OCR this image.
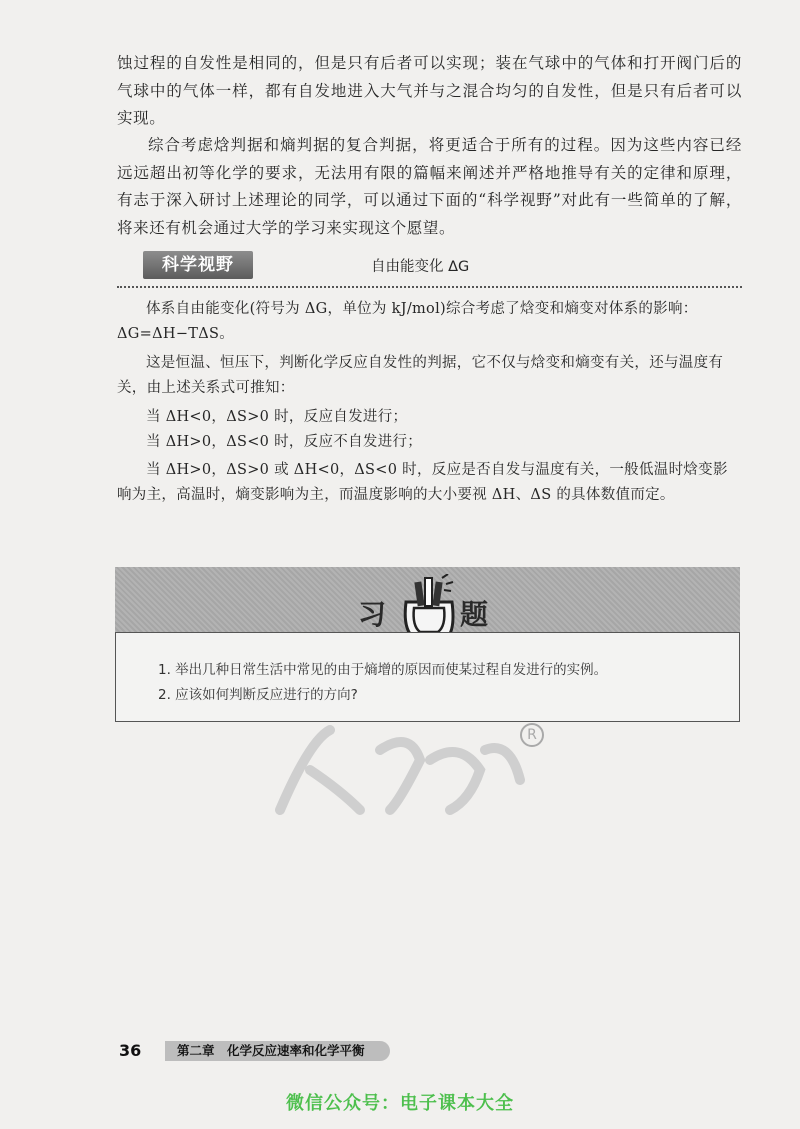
蚀过程的自发性是相同的，但是只有后者可以实现；装在气球中的气体和打开阀门后的气球中的气体一样，都有自发地进入大气并与之混合均匀的自发性，但是只有后者可以实现。

综合考虑焓判据和熵判据的复合判据，将更适合于所有的过程。因为这些内容已经远远超出初等化学的要求，无法用有限的篇幅来阐述并严格地推导有关的定律和原理，有志于深入研讨上述理论的同学，可以通过下面的“科学视野”对此有一些简单的了解，将来还有机会通过大学的学习来实现这个愿望。

科学视野	自由能变化 ΔG

体系自由能变化(符号为 ΔG，单位为 kJ/mol)综合考虑了焓变和熵变对体系的影响：

ΔG=ΔH−TΔS。

这是恒温、恒压下，判断化学反应自发性的判据，它不仅与焓变和熵变有关，还与温度有关，由上述关系式可推知：

当 ΔH<0，ΔS>0 时，反应自发进行；

当 ΔH>0，ΔS<0 时，反应不自发进行；

当 ΔH>0，ΔS>0 或 ΔH<0，ΔS<0 时，反应是否自发与温度有关，一般低温时焓变影响为主，高温时，熵变影响为主，而温度影响的大小要视 ΔH、ΔS 的具体数值而定。

习	题
1. 举出几种日常生活中常见的由于熵增的原因而使某过程自发进行的实例。
2. 应该如何判断反应进行的方向?
R
36	第二章　化学反应速率和化学平衡
微信公众号：电子课本大全
